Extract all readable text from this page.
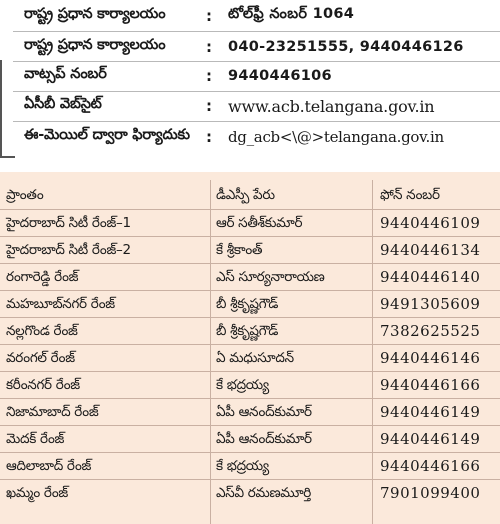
రాష్ట్ర ప్రధాన కార్యాలయం	: టోల్‌ఫ్రీ నంబర్ 1064
రాష్ట్ర ప్రధాన కార్యాలయం	: 040-23251555, 9440446126
వాట్సప్ నంబర్	: 9440446106
ఏసీబీ వెబ్‌సైట్	: www.acb.telangana.gov.in
ఈ-మెయిల్ ద్వారా ఫిర్యాదుకు : dg_acb<\@>telangana.gov.in
ప్రాంతం	డీఎస్పీ పేరు	ఫోన్ నంబర్
హైదరాబాద్ సిటీ రేంజ్–1	ఆర్ సతీశ్‌కుమార్	9440446109
హైదరాబాద్ సిటీ రేంజ్–2	కే శ్రీకాంత్	9440446134
రంగారెడ్డి రేంజ్	ఎస్ సూర్యనారాయణ	9440446140
మహబూబ్‌నగర్ రేంజ్	బీ శ్రీకృష్ణగౌడ్	9491305609
నల్లగొండ రేంజ్	బీ శ్రీకృష్ణగౌడ్	7382625525
వరంగల్ రేంజ్	ఏ మధుసూదన్	9440446146
కరీంనగర్ రేంజ్	కే భద్రయ్య	9440446166
నిజామాబాద్ రేంజ్	ఏపీ ఆనంద్‌కుమార్	9440446149
మెదక్ రేంజ్	ఏపీ ఆనంద్‌కుమార్	9440446149
ఆదిలాబాద్ రేంజ్	కే భద్రయ్య	9440446166
ఖమ్మం రేంజ్	ఎస్‌వీ రమణమూర్తి	7901099400
